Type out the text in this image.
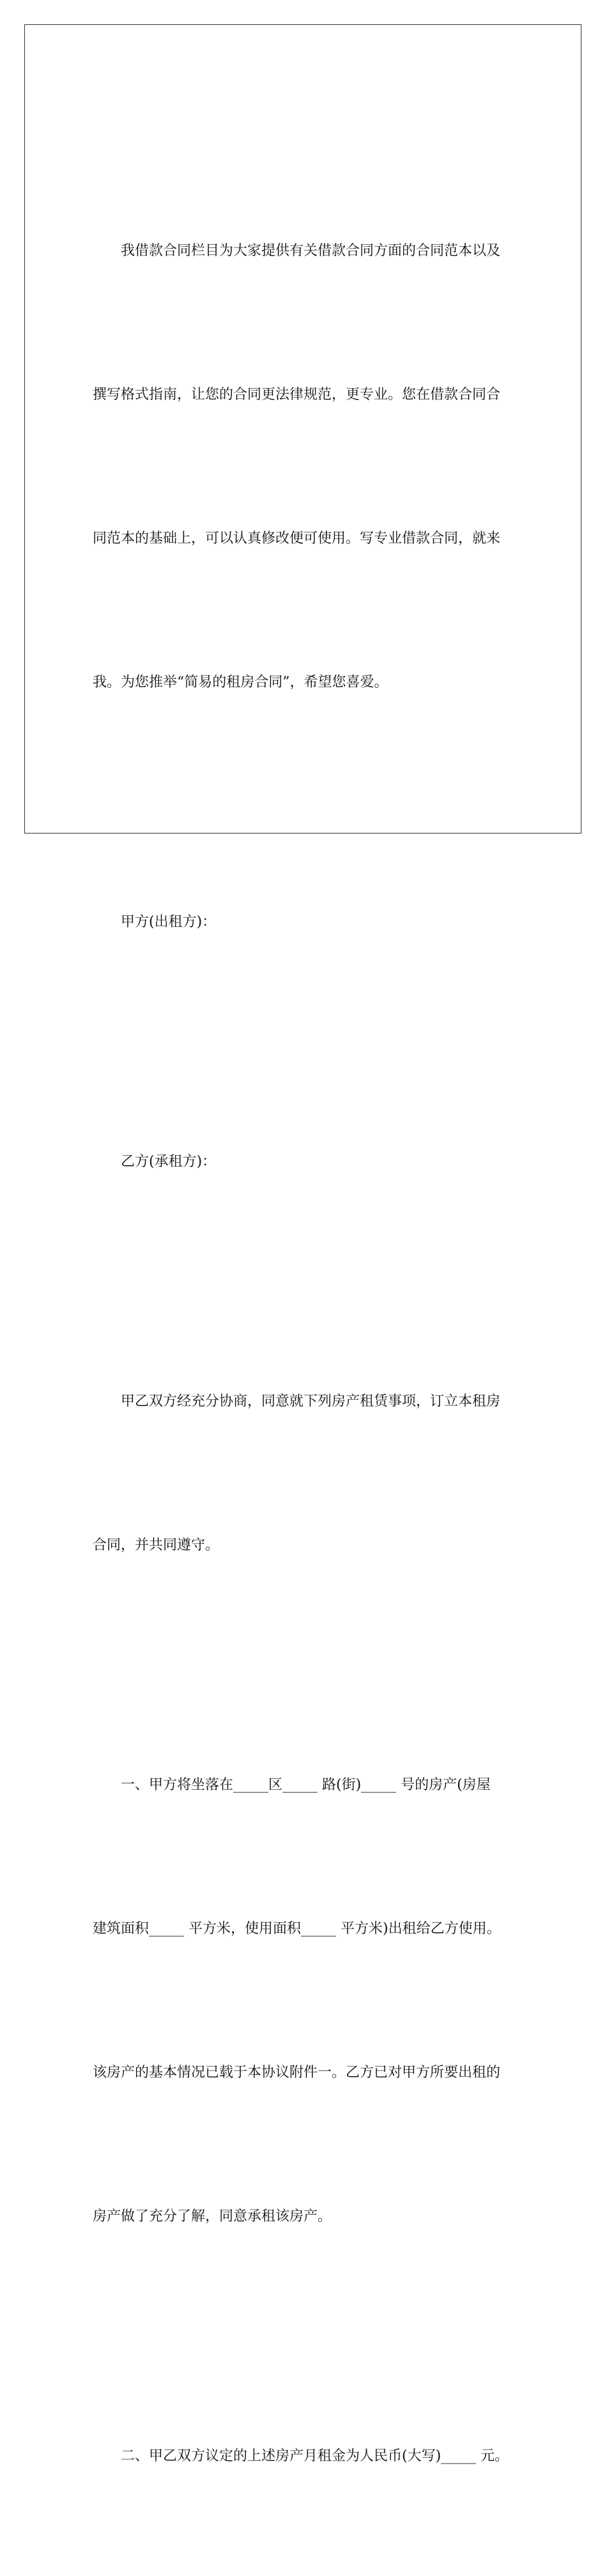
我借款合同栏目为大家提供有关借款合同方面的合同范本以及

撰写格式指南，让您的合同更法律规范，更专业。您在借款合同合

同范本的基础上，可以认真修改便可使用。写专业借款合同，就来

我。为您推举“简易的租房合同”，希望您喜爱。

甲方(出租方)：

乙方(承租方)：

甲乙双方经充分协商，同意就下列房产租赁事项，订立本租房

合同，并共同遵守。

一、甲方将坐落在_____区_____ 路(街)_____ 号的房产(房屋

建筑面积_____ 平方米，使用面积_____ 平方米)出租给乙方使用。

该房产的基本情况已载于本协议附件一。乙方已对甲方所要出租的

房产做了充分了解，同意承租该房产。

二、甲乙双方议定的上述房产月租金为人民币(大写)_____ 元。
